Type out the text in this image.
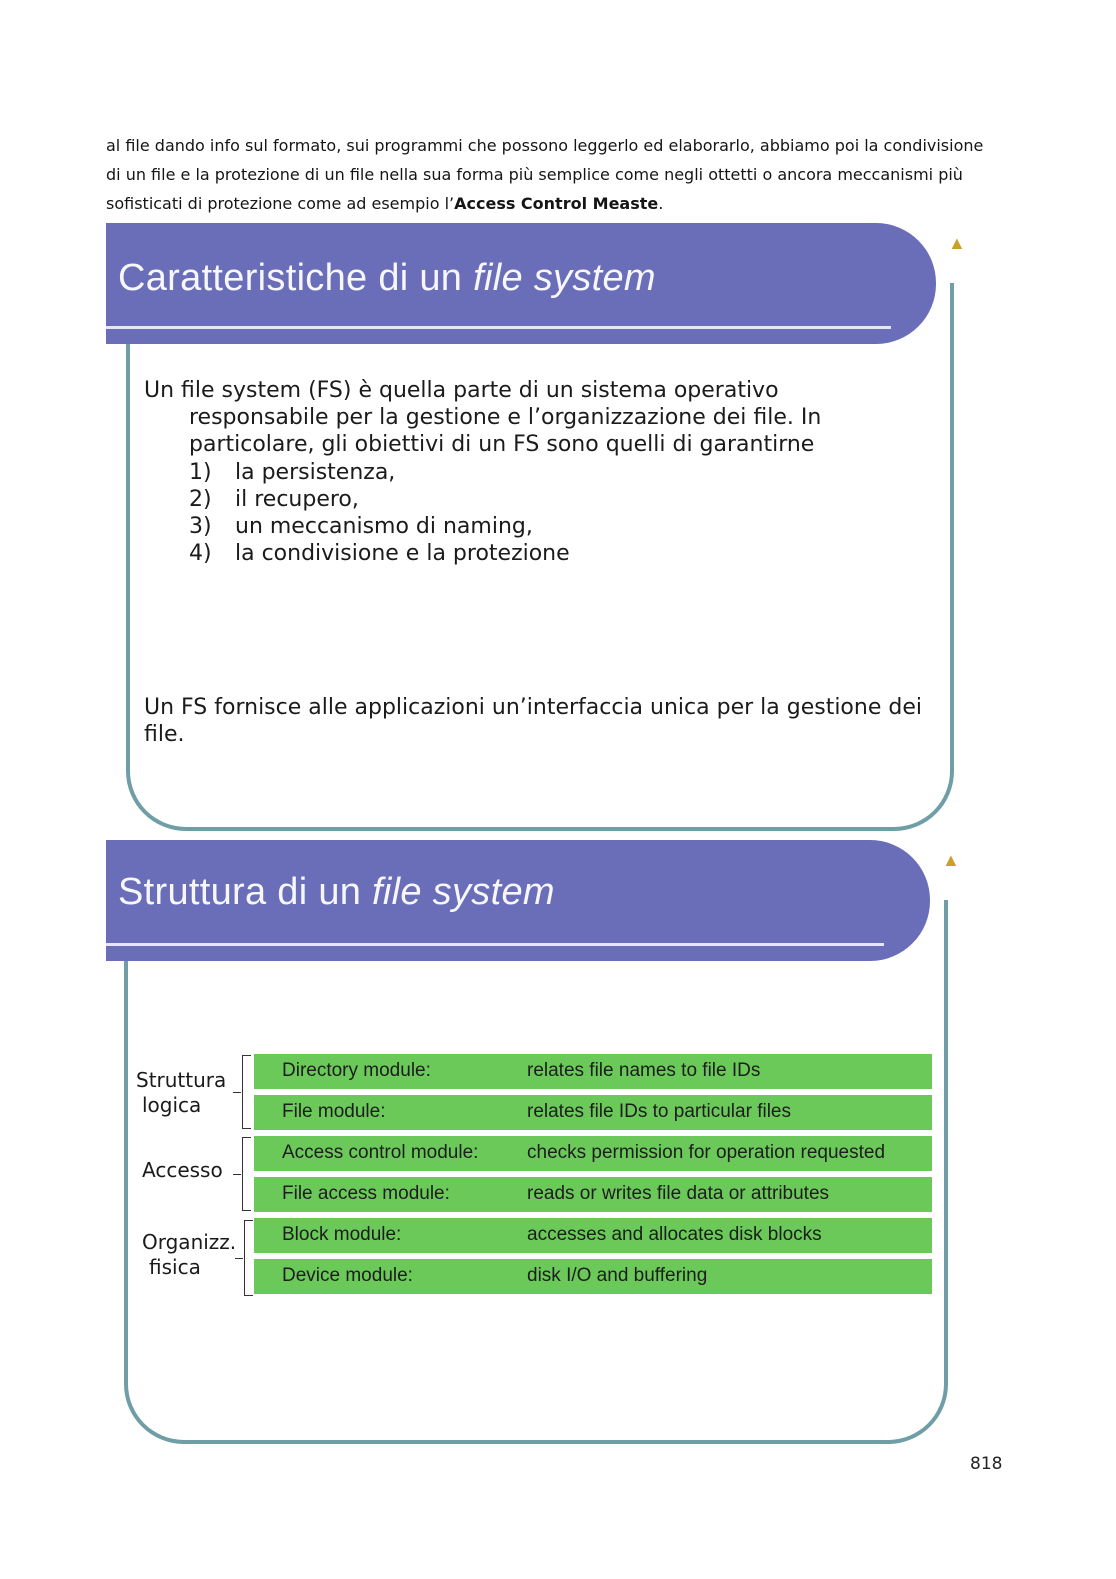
al file dando info sul formato, sui programmi che possono leggerlo ed elaborarlo, abbiamo poi la condivisione di un file e la protezione di un file nella sua forma più semplice come negli ottetti o ancora meccanismi più sofisticati di protezione come ad esempio l’Access Control Measte.
Caratteristiche di un file system
▲
Un file system (FS) è quella parte di un sistema operativo
responsabile per la gestione e l’organizzazione dei file. In particolare, gli obiettivi di un FS sono quelli di garantirne
1)	la persistenza,
2)	il recupero,
3)	un meccanismo di naming,
4)	la condivisione e la protezione
Un FS fornisce alle applicazioni un’interfaccia unica per la gestione dei file.
Struttura di un file system
▲
Struttura
logica
Accesso
Organizz.
fisica
Directory module:	relates file names to file IDs
File module:	relates file IDs to particular files
Access control module:	checks permission for operation requested
File access module:	reads or writes file data or attributes
Block module:	accesses and allocates disk blocks
Device module:	disk I/O and buffering
818
